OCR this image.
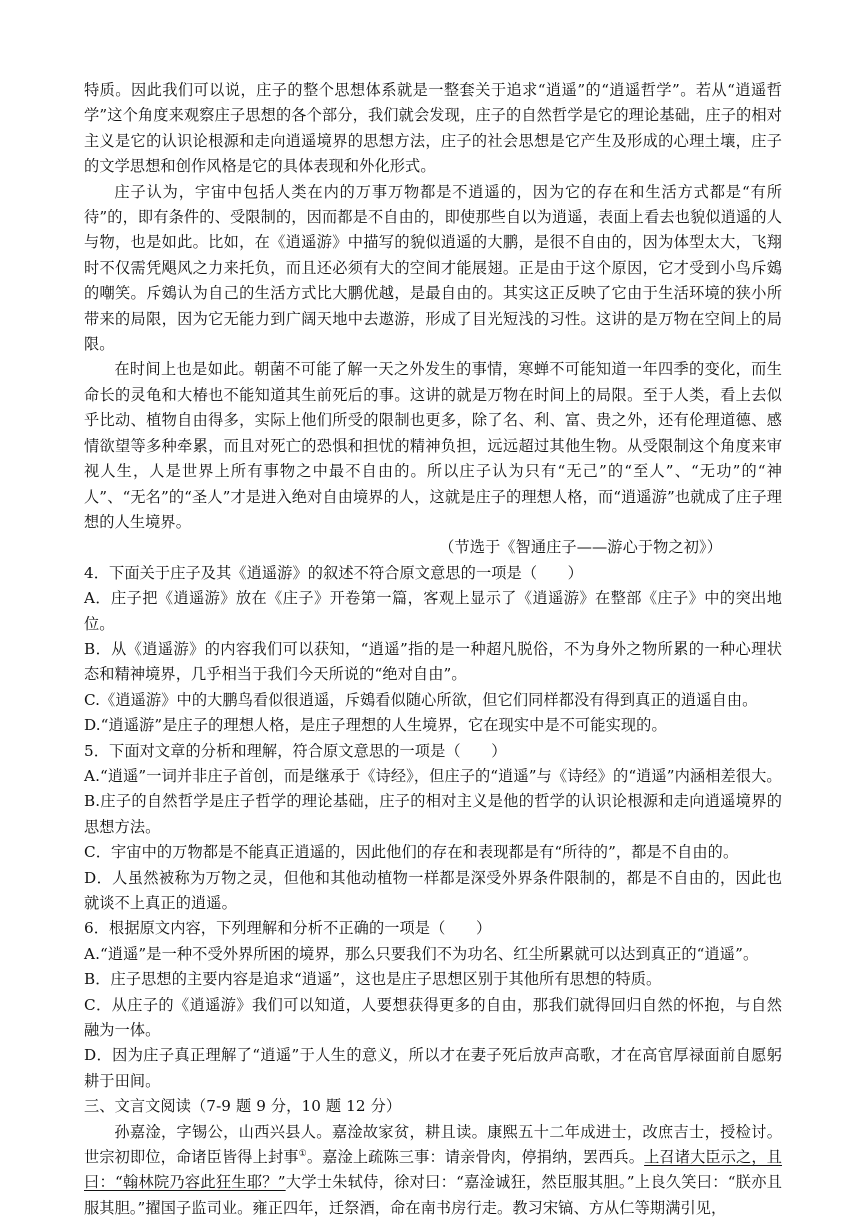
特质。因此我们可以说，庄子的整个思想体系就是一整套关于追求“逍遥”的“逍遥哲学”。若从“逍遥哲学”这个角度来观察庄子思想的各个部分，我们就会发现，庄子的自然哲学是它的理论基础，庄子的相对主义是它的认识论根源和走向逍遥境界的思想方法，庄子的社会思想是它产生及形成的心理土壤，庄子的文学思想和创作风格是它的具体表现和外化形式。

庄子认为，宇宙中包括人类在内的万事万物都是不逍遥的，因为它的存在和生活方式都是“有所待”的，即有条件的、受限制的，因而都是不自由的，即使那些自以为逍遥，表面上看去也貌似逍遥的人与物，也是如此。比如，在《逍遥游》中描写的貌似逍遥的大鹏，是很不自由的，因为体型太大，飞翔时不仅需凭飓风之力来托负，而且还必须有大的空间才能展翅。正是由于这个原因，它才受到小鸟斥鴳的嘲笑。斥鴳认为自己的生活方式比大鹏优越，是最自由的。其实这正反映了它由于生活环境的狭小所带来的局限，因为它无能力到广阔天地中去遨游，形成了目光短浅的习性。这讲的是万物在空间上的局限。

在时间上也是如此。朝菌不可能了解一天之外发生的事情，寒蝉不可能知道一年四季的变化，而生命长的灵龟和大椿也不能知道其生前死后的事。这讲的就是万物在时间上的局限。至于人类，看上去似乎比动、植物自由得多，实际上他们所受的限制也更多，除了名、利、富、贵之外，还有伦理道德、感情欲望等多种牵累，而且对死亡的恐惧和担忧的精神负担，远远超过其他生物。从受限制这个角度来审视人生，人是世界上所有事物之中最不自由的。所以庄子认为只有“无己”的“至人”、“无功”的“神人”、“无名”的“圣人”才是进入绝对自由境界的人，这就是庄子的理想人格，而“逍遥游”也就成了庄子理想的人生境界。

（节选于《智通庄子——游心于物之初》）

4．下面关于庄子及其《逍遥游》的叙述不符合原文意思的一项是（　　）

A．庄子把《逍遥游》放在《庄子》开卷第一篇，客观上显示了《逍遥游》在整部《庄子》中的突出地位。

B．从《逍遥游》的内容我们可以获知，“逍遥”指的是一种超凡脱俗，不为身外之物所累的一种心理状态和精神境界，几乎相当于我们今天所说的“绝对自由”。

C.《逍遥游》中的大鹏鸟看似很逍遥，斥鴳看似随心所欲，但它们同样都没有得到真正的逍遥自由。

D.“逍遥游”是庄子的理想人格，是庄子理想的人生境界，它在现实中是不可能实现的。

5．下面对文章的分析和理解，符合原文意思的一项是（　　）

A.“逍遥”一词并非庄子首创，而是继承于《诗经》，但庄子的“逍遥”与《诗经》的“逍遥”内涵相差很大。

B.庄子的自然哲学是庄子哲学的理论基础，庄子的相对主义是他的哲学的认识论根源和走向逍遥境界的思想方法。

C．宇宙中的万物都是不能真正逍遥的，因此他们的存在和表现都是有“所待的”，都是不自由的。

D．人虽然被称为万物之灵，但他和其他动植物一样都是深受外界条件限制的，都是不自由的，因此也就谈不上真正的逍遥。

6．根据原文内容，下列理解和分析不正确的一项是（　　）

A.“逍遥”是一种不受外界所困的境界，那么只要我们不为功名、红尘所累就可以达到真正的“逍遥”。

B．庄子思想的主要内容是追求“逍遥”，这也是庄子思想区别于其他所有思想的特质。

C．从庄子的《逍遥游》我们可以知道，人要想获得更多的自由，那我们就得回归自然的怀抱，与自然融为一体。

D．因为庄子真正理解了“逍遥”于人生的意义，所以才在妻子死后放声高歌，才在高官厚禄面前自愿躬耕于田间。

三、文言文阅读（7-9 题 9 分，10 题 12 分）

孙嘉淦，字锡公，山西兴县人。嘉淦故家贫，耕且读。康熙五十二年成进士，改庶吉士，授检讨。世宗初即位，命诸臣皆得上封事①。嘉淦上疏陈三事：请亲骨肉，停捐纳，罢西兵。上召诸大臣示之，且曰：“翰林院乃容此狂生耶？”大学士朱轼侍，徐对曰：“嘉淦诚狂，然臣服其胆。”上良久笑曰：“朕亦且服其胆。”擢国子监司业。雍正四年，迁祭酒，命在南书房行走。教习宋镐、方从仁等期满引见，
